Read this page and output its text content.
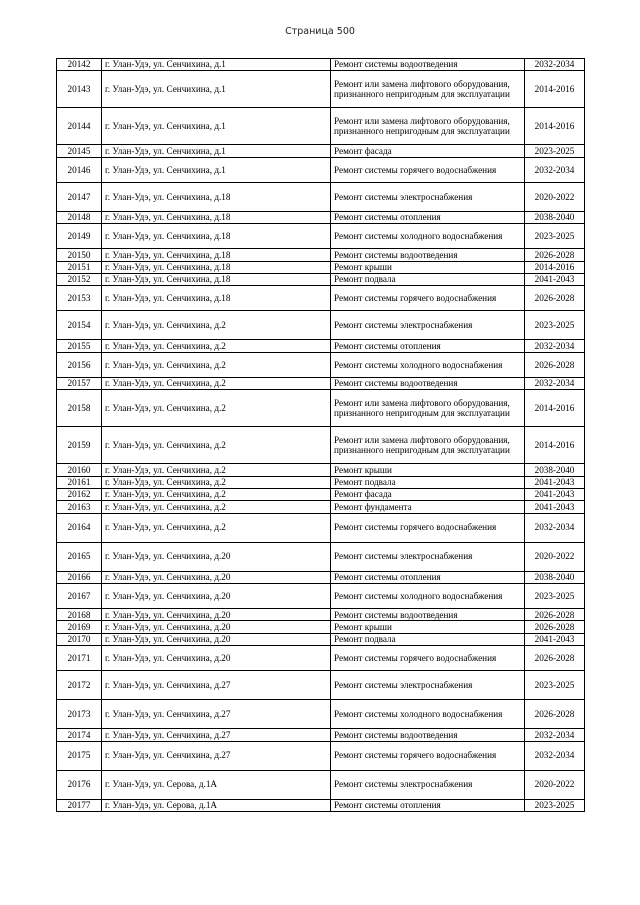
Страница 500
20142	г. Улан-Удэ, ул. Сенчихина, д.1	Ремонт системы водоотведения	2032-2034
20143	г. Улан-Удэ, ул. Сенчихина, д.1	Ремонт или замена лифтового оборудования, признанного непригодным для эксплуатации	2014-2016
20144	г. Улан-Удэ, ул. Сенчихина, д.1	Ремонт или замена лифтового оборудования, признанного непригодным для эксплуатации	2014-2016
20145	г. Улан-Удэ, ул. Сенчихина, д.1	Ремонт фасада	2023-2025
20146	г. Улан-Удэ, ул. Сенчихина, д.1	Ремонт системы горячего водоснабжения	2032-2034
20147	г. Улан-Удэ, ул. Сенчихина, д.18	Ремонт системы электроснабжения	2020-2022
20148	г. Улан-Удэ, ул. Сенчихина, д.18	Ремонт системы отопления	2038-2040
20149	г. Улан-Удэ, ул. Сенчихина, д.18	Ремонт системы холодного водоснабжения	2023-2025
20150	г. Улан-Удэ, ул. Сенчихина, д.18	Ремонт системы водоотведения	2026-2028
20151	г. Улан-Удэ, ул. Сенчихина, д.18	Ремонт крыши	2014-2016
20152	г. Улан-Удэ, ул. Сенчихина, д.18	Ремонт подвала	2041-2043
20153	г. Улан-Удэ, ул. Сенчихина, д.18	Ремонт системы горячего водоснабжения	2026-2028
20154	г. Улан-Удэ, ул. Сенчихина, д.2	Ремонт системы электроснабжения	2023-2025
20155	г. Улан-Удэ, ул. Сенчихина, д.2	Ремонт системы отопления	2032-2034
20156	г. Улан-Удэ, ул. Сенчихина, д.2	Ремонт системы холодного водоснабжения	2026-2028
20157	г. Улан-Удэ, ул. Сенчихина, д.2	Ремонт системы водоотведения	2032-2034
20158	г. Улан-Удэ, ул. Сенчихина, д.2	Ремонт или замена лифтового оборудования, признанного непригодным для эксплуатации	2014-2016
20159	г. Улан-Удэ, ул. Сенчихина, д.2	Ремонт или замена лифтового оборудования, признанного непригодным для эксплуатации	2014-2016
20160	г. Улан-Удэ, ул. Сенчихина, д.2	Ремонт крыши	2038-2040
20161	г. Улан-Удэ, ул. Сенчихина, д.2	Ремонт подвала	2041-2043
20162	г. Улан-Удэ, ул. Сенчихина, д.2	Ремонт фасада	2041-2043
20163	г. Улан-Удэ, ул. Сенчихина, д.2	Ремонт фундамента	2041-2043
20164	г. Улан-Удэ, ул. Сенчихина, д.2	Ремонт системы горячего водоснабжения	2032-2034
20165	г. Улан-Удэ, ул. Сенчихина, д.20	Ремонт системы электроснабжения	2020-2022
20166	г. Улан-Удэ, ул. Сенчихина, д.20	Ремонт системы отопления	2038-2040
20167	г. Улан-Удэ, ул. Сенчихина, д.20	Ремонт системы холодного водоснабжения	2023-2025
20168	г. Улан-Удэ, ул. Сенчихина, д.20	Ремонт системы водоотведения	2026-2028
20169	г. Улан-Удэ, ул. Сенчихина, д.20	Ремонт крыши	2026-2028
20170	г. Улан-Удэ, ул. Сенчихина, д.20	Ремонт подвала	2041-2043
20171	г. Улан-Удэ, ул. Сенчихина, д.20	Ремонт системы горячего водоснабжения	2026-2028
20172	г. Улан-Удэ, ул. Сенчихина, д.27	Ремонт системы электроснабжения	2023-2025
20173	г. Улан-Удэ, ул. Сенчихина, д.27	Ремонт системы холодного водоснабжения	2026-2028
20174	г. Улан-Удэ, ул. Сенчихина, д.27	Ремонт системы водоотведения	2032-2034
20175	г. Улан-Удэ, ул. Сенчихина, д.27	Ремонт системы горячего водоснабжения	2032-2034
20176	г. Улан-Удэ, ул. Серова, д.1А	Ремонт системы электроснабжения	2020-2022
20177	г. Улан-Удэ, ул. Серова, д.1А	Ремонт системы отопления	2023-2025
